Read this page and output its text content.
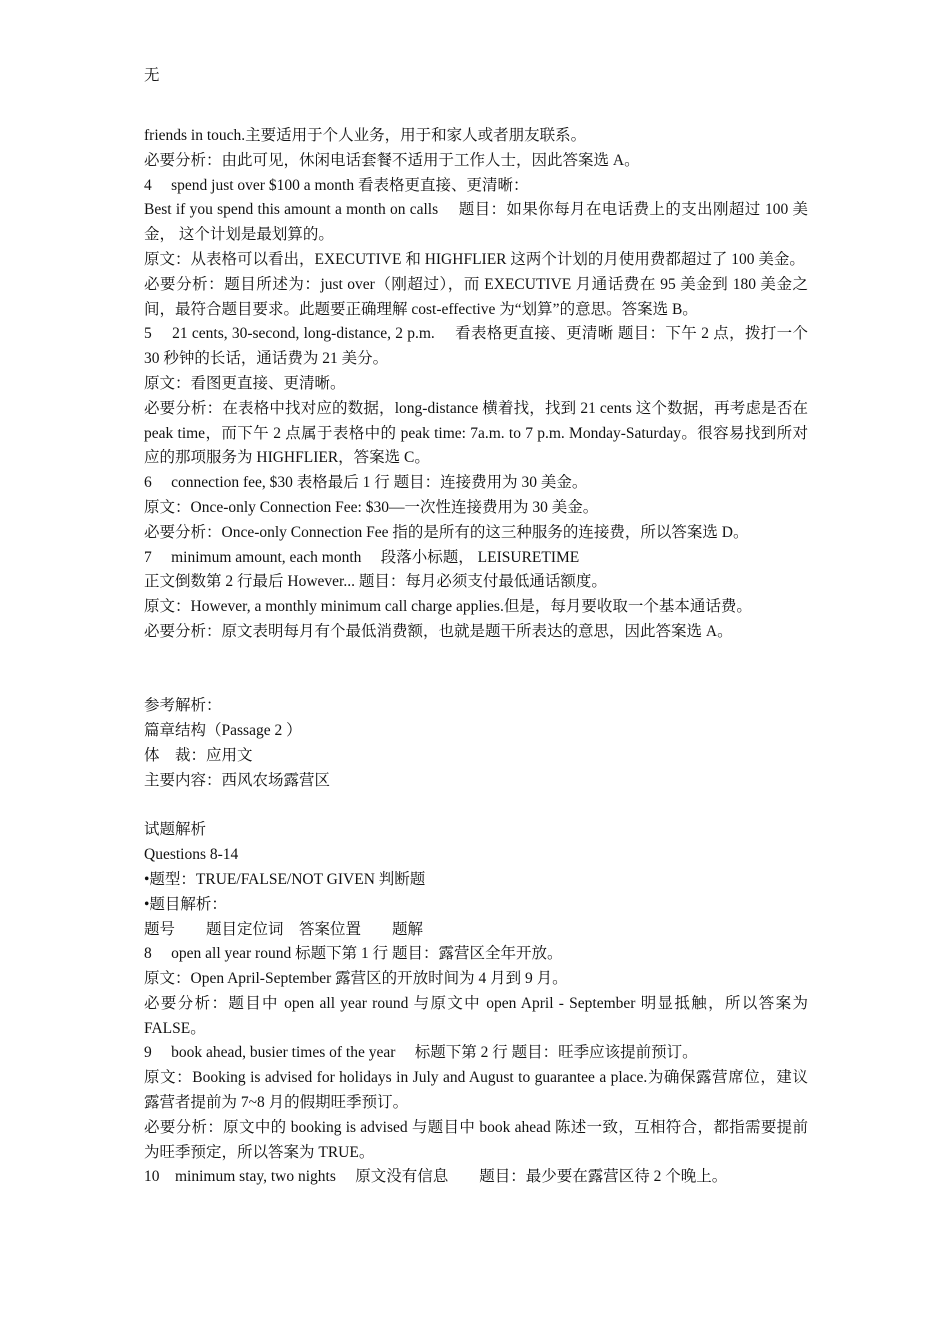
无
friends in touch.主要适用于个人业务，用于和家人或者朋友联系。
必要分析：由此可见，休闲电话套餐不适用于工作人士，因此答案选 A。
4　 spend just over $100 a month 看表格更直接、更清晰：
Best if you spend this amount a month on calls　 题目：如果你每月在电话费上的支出刚超过 100 美金， 这个计划是最划算的。
原文：从表格可以看出，EXECUTIVE 和 HIGHFLIER 这两个计划的月使用费都超过了 100 美金。
必要分析：题目所述为：just over（刚超过），而 EXECUTIVE 月通话费在 95 美金到 180 美金之间，最符合题目要求。此题要正确理解 cost-effective 为“划算”的意思。答案选 B。
5　 21 cents, 30-second, long-distance, 2 p.m.　 看表格更直接、更清晰 题目：下午 2 点，拨打一个 30 秒钟的长话，通话费为 21 美分。
原文：看图更直接、更清晰。
必要分析：在表格中找对应的数据，long-distance 横着找，找到 21 cents 这个数据，再考虑是否在 peak time，而下午 2 点属于表格中的 peak time: 7a.m. to 7 p.m. Monday-Saturday。很容易找到所对应的那项服务为 HIGHFLIER，答案选 C。
6　 connection fee, $30 表格最后 1 行 题目：连接费用为 30 美金。
原文：Once-only Connection Fee: $30—一次性连接费用为 30 美金。
必要分析：Once-only Connection Fee 指的是所有的这三种服务的连接费，所以答案选 D。
7　 minimum amount, each month　 段落小标题， LEISURETIME
正文倒数第 2 行最后 However... 题目：每月必须支付最低通话额度。
原文：However, a monthly minimum call charge applies.但是，每月要收取一个基本通话费。
必要分析：原文表明每月有个最低消费额，也就是题干所表达的意思，因此答案选 A。
参考解析：
篇章结构（Passage 2 ）
体　裁：应用文
主要内容：西风农场露营区
试题解析
Questions 8-14
•题型：TRUE/FALSE/NOT GIVEN 判断题
•题目解析：
题号　　题目定位词　答案位置　　题解
8　 open all year round 标题下第 1 行 题目：露营区全年开放。
原文：Open April-September 露营区的开放时间为 4 月到 9 月。
必要分析：题目中 open all year round 与原文中 open April - September 明显抵触，所以答案为 FALSE。
9　 book ahead, busier times of the year　 标题下第 2 行 题目：旺季应该提前预订。
原文：Booking is advised for holidays in July and August to guarantee a place.为确保露营席位，建议露营者提前为 7~8 月的假期旺季预订。
必要分析：原文中的 booking is advised 与题目中 book ahead 陈述一致，互相符合，都指需要提前为旺季预定，所以答案为 TRUE。
10　minimum stay, two nights　 原文没有信息　　题目：最少要在露营区待 2 个晚上。
